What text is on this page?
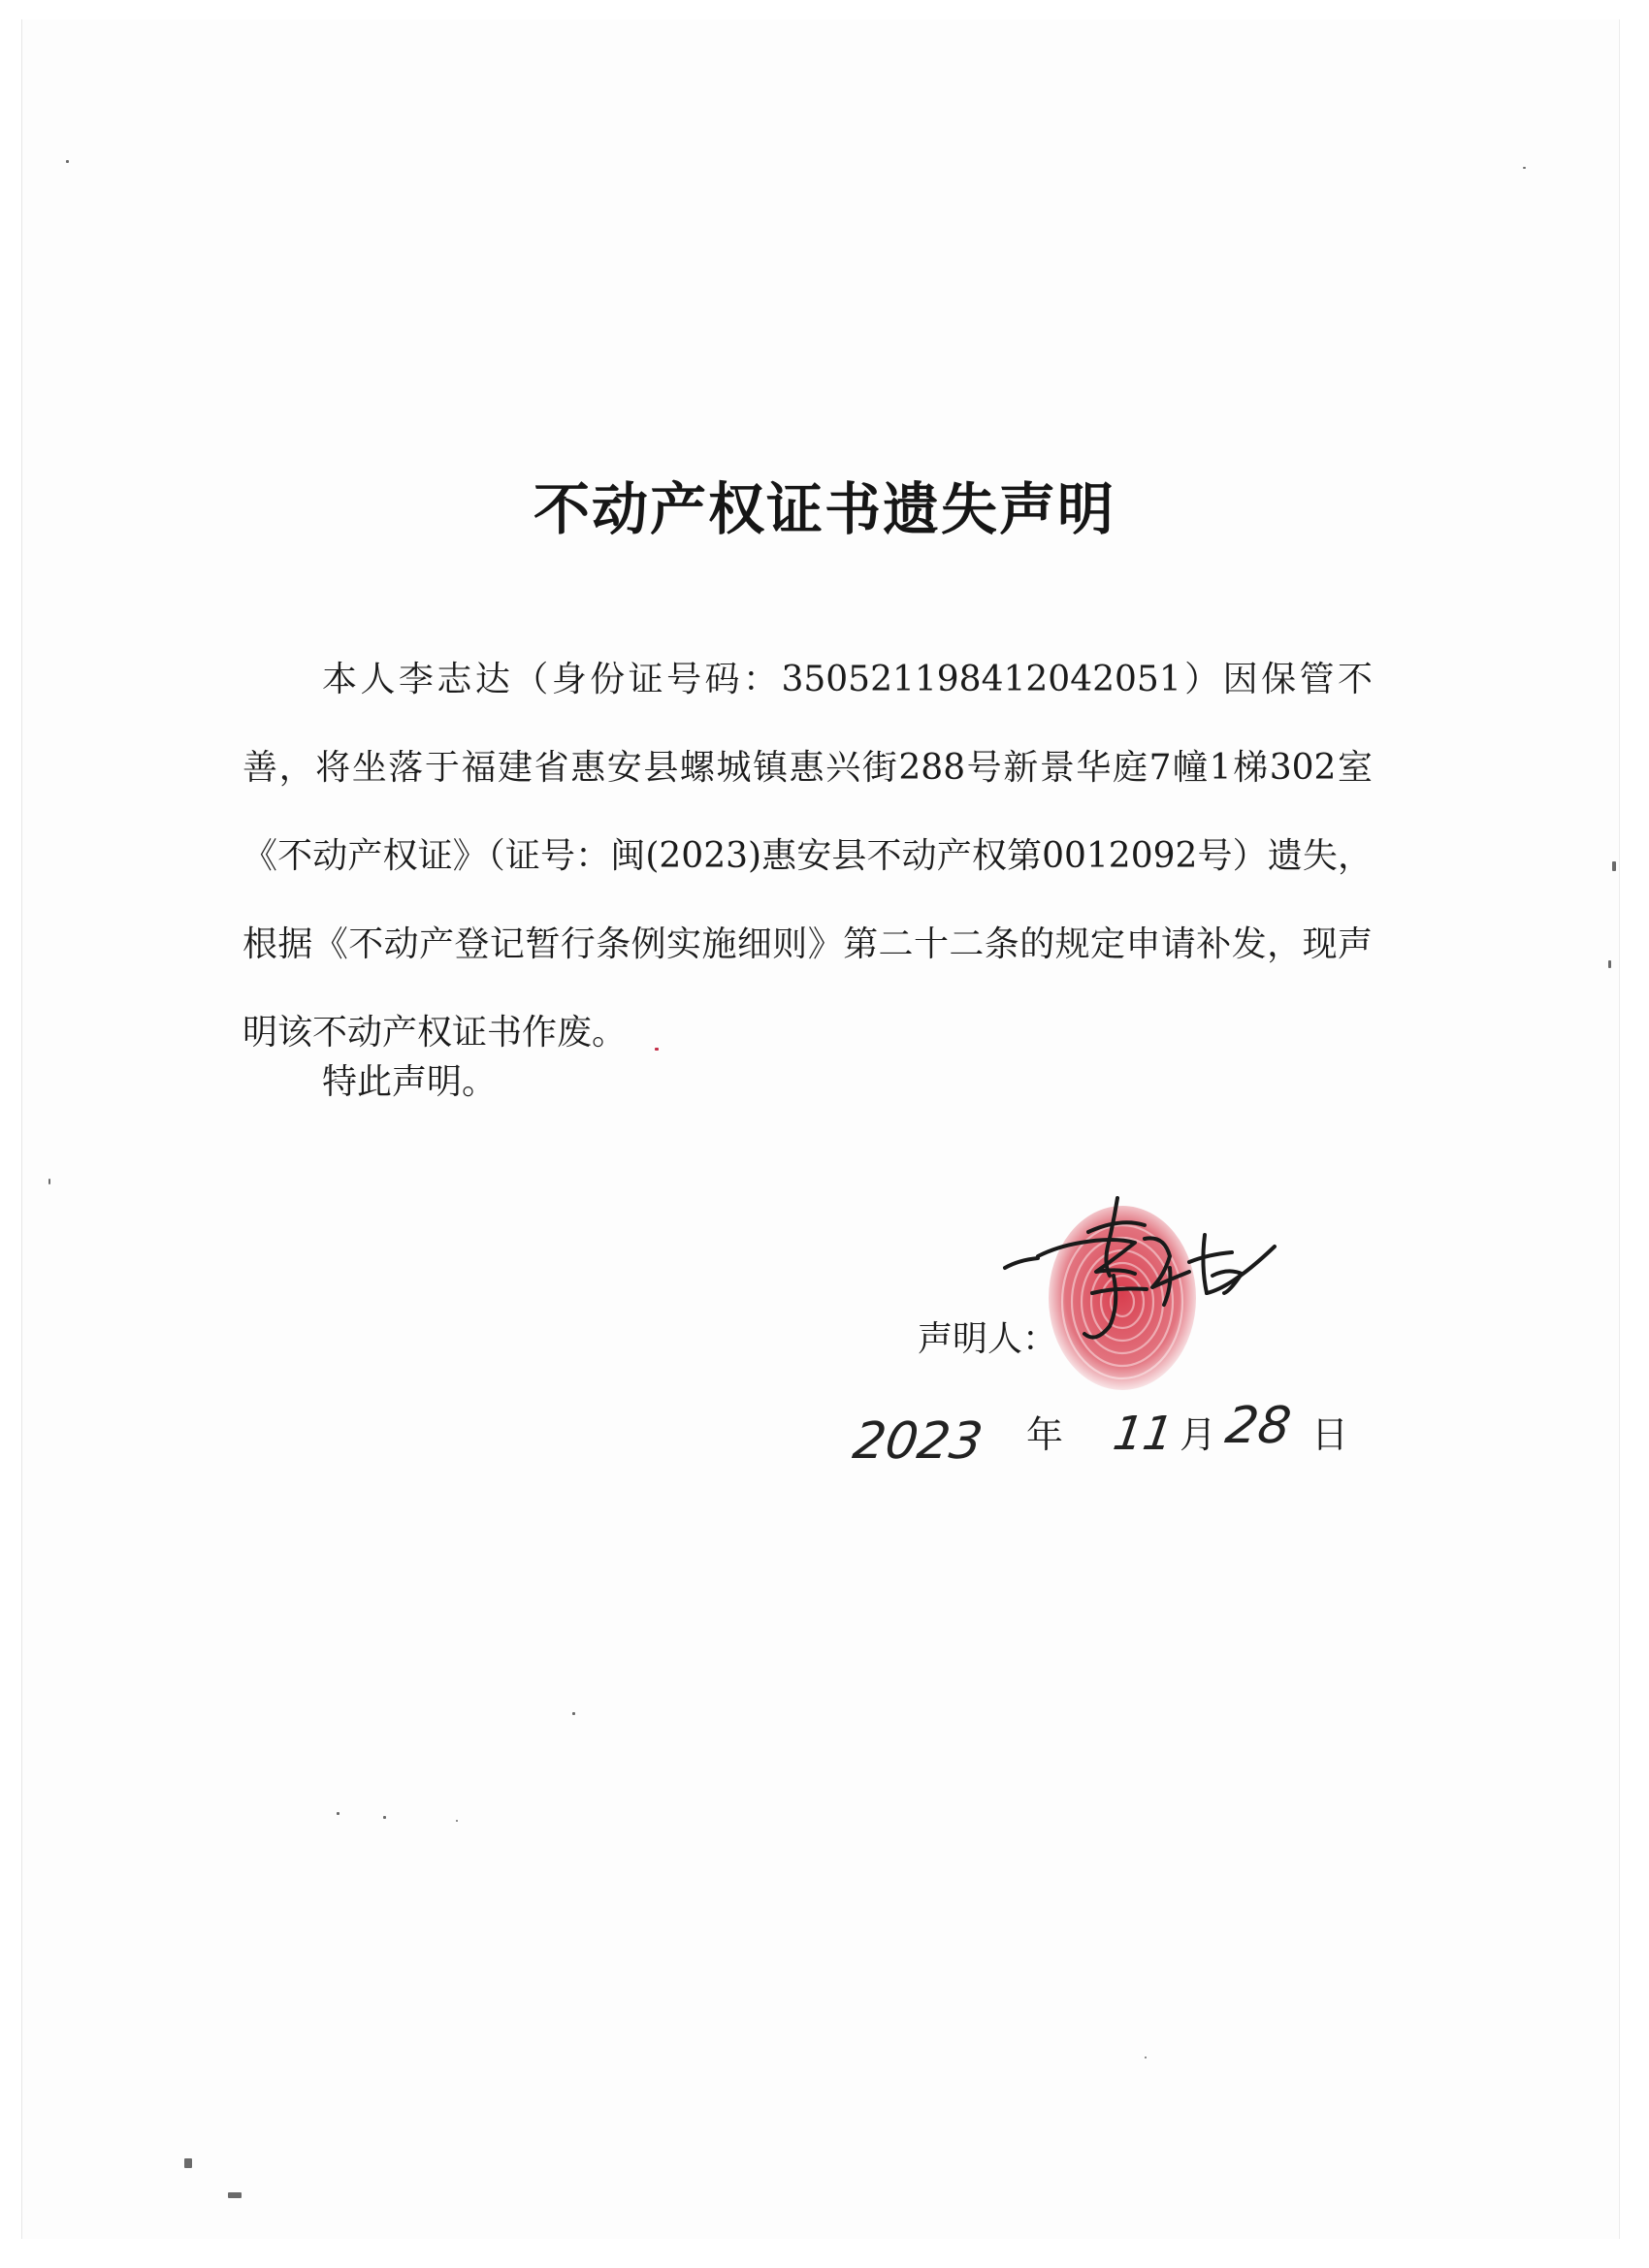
不动产权证书遗失声明

本人李志达（身份证号码：350521198412042051）因保管不善，将坐落于福建省惠安县螺城镇惠兴街288号新景华庭7幢1梯302室《不动产权证》（证号：闽(2023)惠安县不动产权第0012092号）遗失，根据《不动产登记暂行条例实施细则》第二十二条的规定申请补发，现声明该不动产权证书作废。

特此声明。

声明人：
2023 年 11 月 28 日
